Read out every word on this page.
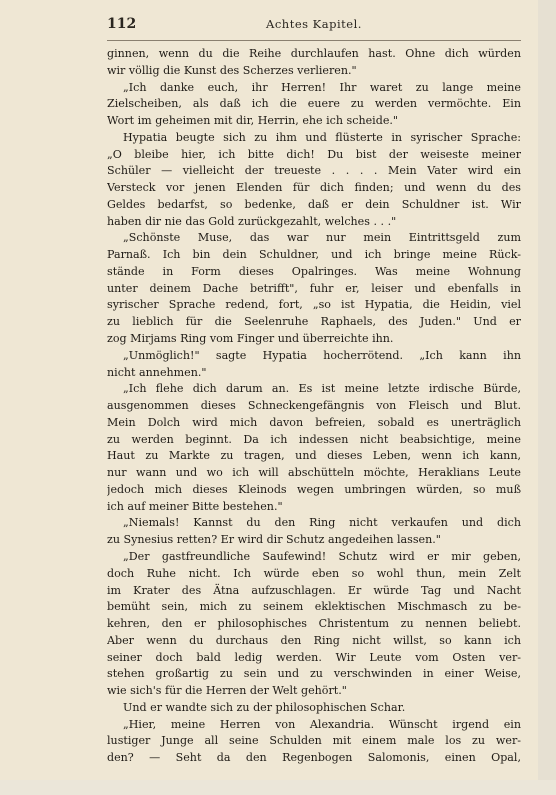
112	Achtes Kapitel.
ginnen, wenn du die Reihe durchlaufen hast. Ohne dich würden
wir völlig die Kunst des Scherzes verlieren."
„Ich danke euch, ihr Herren! Ihr waret zu lange meine
Zielscheiben, als daß ich die euere zu werden vermöchte. Ein
Wort im geheimen mit dir, Herrin, ehe ich scheide."
Hypatia beugte sich zu ihm und flüsterte in syrischer Sprache:
„O bleibe hier, ich bitte dich! Du bist der weiseste meiner
Schüler — vielleicht der treueste . . . . Mein Vater wird ein
Versteck vor jenen Elenden für dich finden; und wenn du des
Geldes bedarfst, so bedenke, daß er dein Schuldner ist. Wir
haben dir nie das Gold zurückgezahlt, welches . . ."
„Schönste Muse, das war nur mein Eintrittsgeld zum
Parnaß. Ich bin dein Schuldner, und ich bringe meine Rück-
stände in Form dieses Opalringes. Was meine Wohnung
unter deinem Dache betrifft", fuhr er, leiser und ebenfalls in
syrischer Sprache redend, fort, „so ist Hypatia, die Heidin, viel
zu lieblich für die Seelenruhe Raphaels, des Juden." Und er
zog Mirjams Ring vom Finger und überreichte ihn.
„Unmöglich!" sagte Hypatia hocherrötend. „Ich kann ihn
nicht annehmen."
„Ich flehe dich darum an. Es ist meine letzte irdische Bürde,
ausgenommen dieses Schneckengefängnis von Fleisch und Blut.
Mein Dolch wird mich davon befreien, sobald es unerträglich
zu werden beginnt. Da ich indessen nicht beabsichtige, meine
Haut zu Markte zu tragen, und dieses Leben, wenn ich kann,
nur wann und wo ich will abschütteln möchte, Heraklians Leute
jedoch mich dieses Kleinods wegen umbringen würden, so muß
ich auf meiner Bitte bestehen."
„Niemals! Kannst du den Ring nicht verkaufen und dich
zu Synesius retten? Er wird dir Schutz angedeihen lassen."
„Der gastfreundliche Saufewind! Schutz wird er mir geben,
doch Ruhe nicht. Ich würde eben so wohl thun, mein Zelt
im Krater des Ätna aufzuschlagen. Er würde Tag und Nacht
bemüht sein, mich zu seinem eklektischen Mischmasch zu be-
kehren, den er philosophisches Christentum zu nennen beliebt.
Aber wenn du durchaus den Ring nicht willst, so kann ich
seiner doch bald ledig werden. Wir Leute vom Osten ver-
stehen großartig zu sein und zu verschwinden in einer Weise,
wie sich's für die Herren der Welt gehört."
Und er wandte sich zu der philosophischen Schar.
„Hier, meine Herren von Alexandria. Wünscht irgend ein
lustiger Junge all seine Schulden mit einem male los zu wer-
den? — Seht da den Regenbogen Salomonis, einen Opal,
